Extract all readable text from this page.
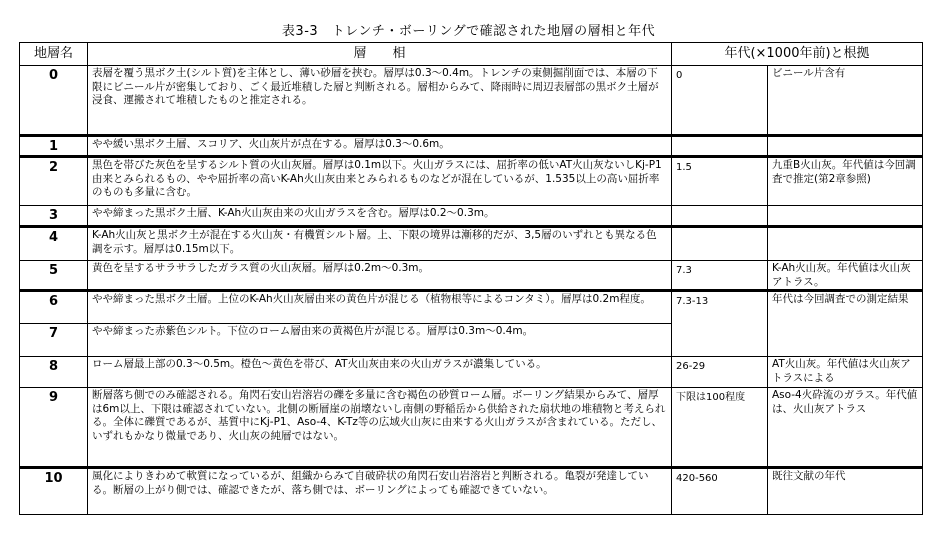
表3-3　トレンチ・ボーリングで確認された地層の層相と年代
地層名	層　　相	年代(×1000年前)と根拠	
0	表層を覆う黒ボク土(シルト質)を主体とし、薄い砂層を挟む。層厚は0.3～0.4m。トレンチの東側掘削面では、本層の下限にビニール片が密集しており、ごく最近堆積した層と判断される。層相からみて、降雨時に周辺表層部の黒ボク土層が浸食、運搬されて堆積したものと推定される。	0	ビニール片含有
1	やや緩い黒ボク土層、スコリア、火山灰片が点在する。層厚は0.3～0.6m。		
2	黒色を帯びた灰色を呈するシルト質の火山灰層。層厚は0.1m以下。火山ガラスには、屈折率の低いAT火山灰ないしKj-P1由来とみられるもの、やや屈折率の高いK-Ah火山灰由来とみられるものなどが混在しているが、1.535以上の高い屈折率のものも多量に含む。	1.5	九重B火山灰。年代値は今回調査で推定(第2章参照)
3	やや締まった黒ボク土層、K-Ah火山灰由来の火山ガラスを含む。層厚は0.2～0.3m。		
4	K-Ah火山灰と黒ボク土が混在する火山灰・有機質シルト層。上、下限の境界は漸移的だが、3,5層のいずれとも異なる色調を示す。層厚は0.15m以下。		
5	黄色を呈するサラサラしたガラス質の火山灰層。層厚は0.2m～0.3m。	7.3	K-Ah火山灰。年代値は火山灰アトラス。
6	やや締まった黒ボク土層。上位のK-Ah火山灰層由来の黄色片が混じる（植物根等によるコンタミ）。層厚は0.2m程度。	7.3-13	年代は今回調査での測定結果
7	やや締まった赤紫色シルト。下位のローム層由来の黄褐色片が混じる。層厚は0.3m～0.4m。		
8	ローム層最上部の0.3～0.5m。橙色～黄色を帯び、AT火山灰由来の火山ガラスが濃集している。	26-29	AT火山灰。年代値は火山灰アトラスによる
9	断層落ち側でのみ確認される。角閃石安山岩溶岩の礫を多量に含む褐色の砂質ローム層。ボーリング結果からみて、層厚は6m以上、下限は確認されていない。北側の断層崖の崩壊ないし南側の野稲岳から供給された扇状地の堆積物と考えられる。全体に礫質であるが、基質中にKj-P1、Aso-4、K-Tz等の広域火山灰に由来する火山ガラスが含まれている。ただし、いずれもかなり微量であり、火山灰の純層ではない。	下限は100程度	Aso-4火砕流のガラス。年代値は、火山灰アトラス
10	風化によりきわめて軟質になっているが、組織からみて自破砕状の角閃石安山岩溶岩と判断される。亀裂が発達している。断層の上がり側では、確認できたが、落ち側では、ボーリングによっても確認できていない。	420-560	既往文献の年代
